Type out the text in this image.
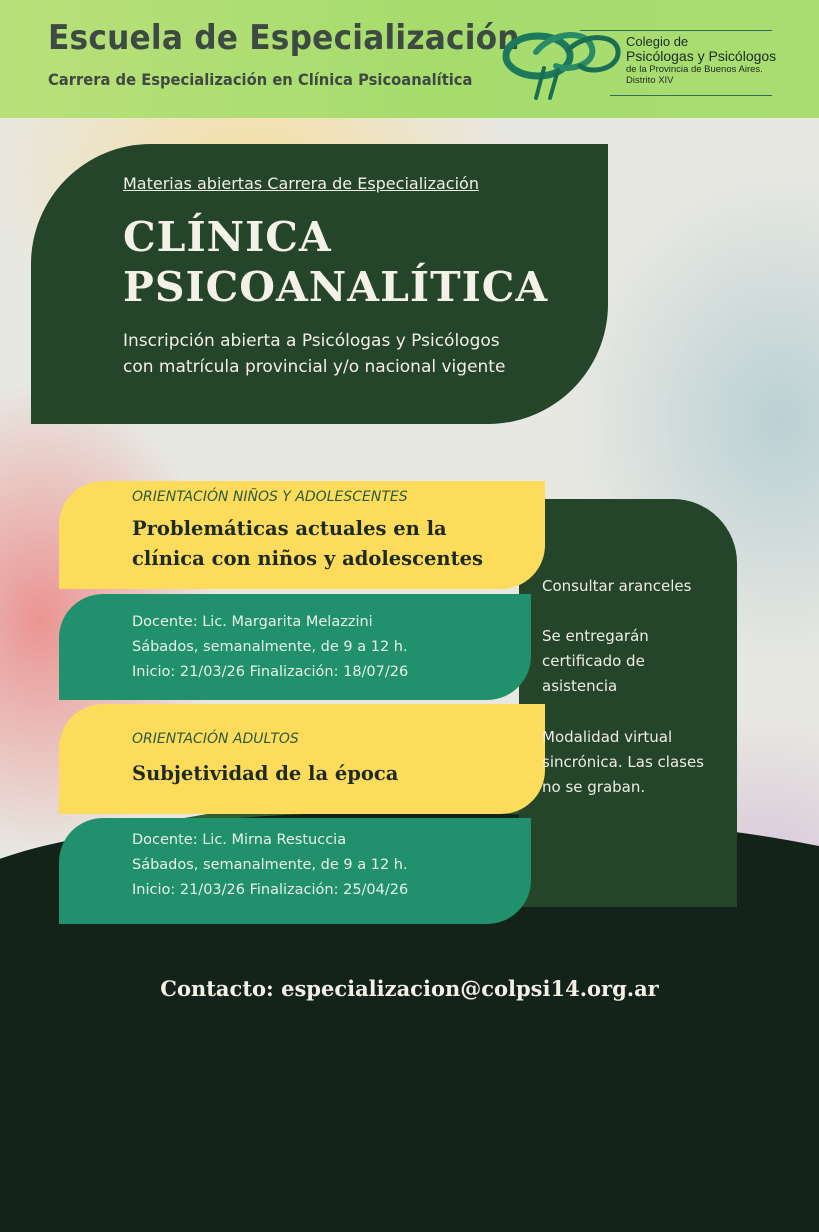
Escuela de Especialización
Carrera de Especialización en Clínica Psicoanalítica
Colegio de
Psicólogas y Psicólogos
de la Provincia de Buenos Aires.
Distrito XIV
Materias abiertas Carrera de Especialización
CLÍNICA
PSICOANALÍTICA
Inscripción abierta a Psicólogas y Psicólogos
con matrícula provincial y/o nacional vigente
ORIENTACIÓN NIÑOS Y ADOLESCENTES
Problemáticas actuales en la
clínica con niños y adolescentes
Docente: Lic. Margarita Melazzini
Sábados, semanalmente, de 9 a 12 h.
Inicio: 21/03/26 Finalización: 18/07/26
ORIENTACIÓN ADULTOS
Subjetividad de la época
Docente: Lic. Mirna Restuccia
Sábados, semanalmente, de 9 a 12 h.
Inicio: 21/03/26 Finalización: 25/04/26
Consultar aranceles
Se entregarán certificado de asistencia
Modalidad virtual sincrónica. Las clases no se graban.
Contacto: especializacion@colpsi14.org.ar
